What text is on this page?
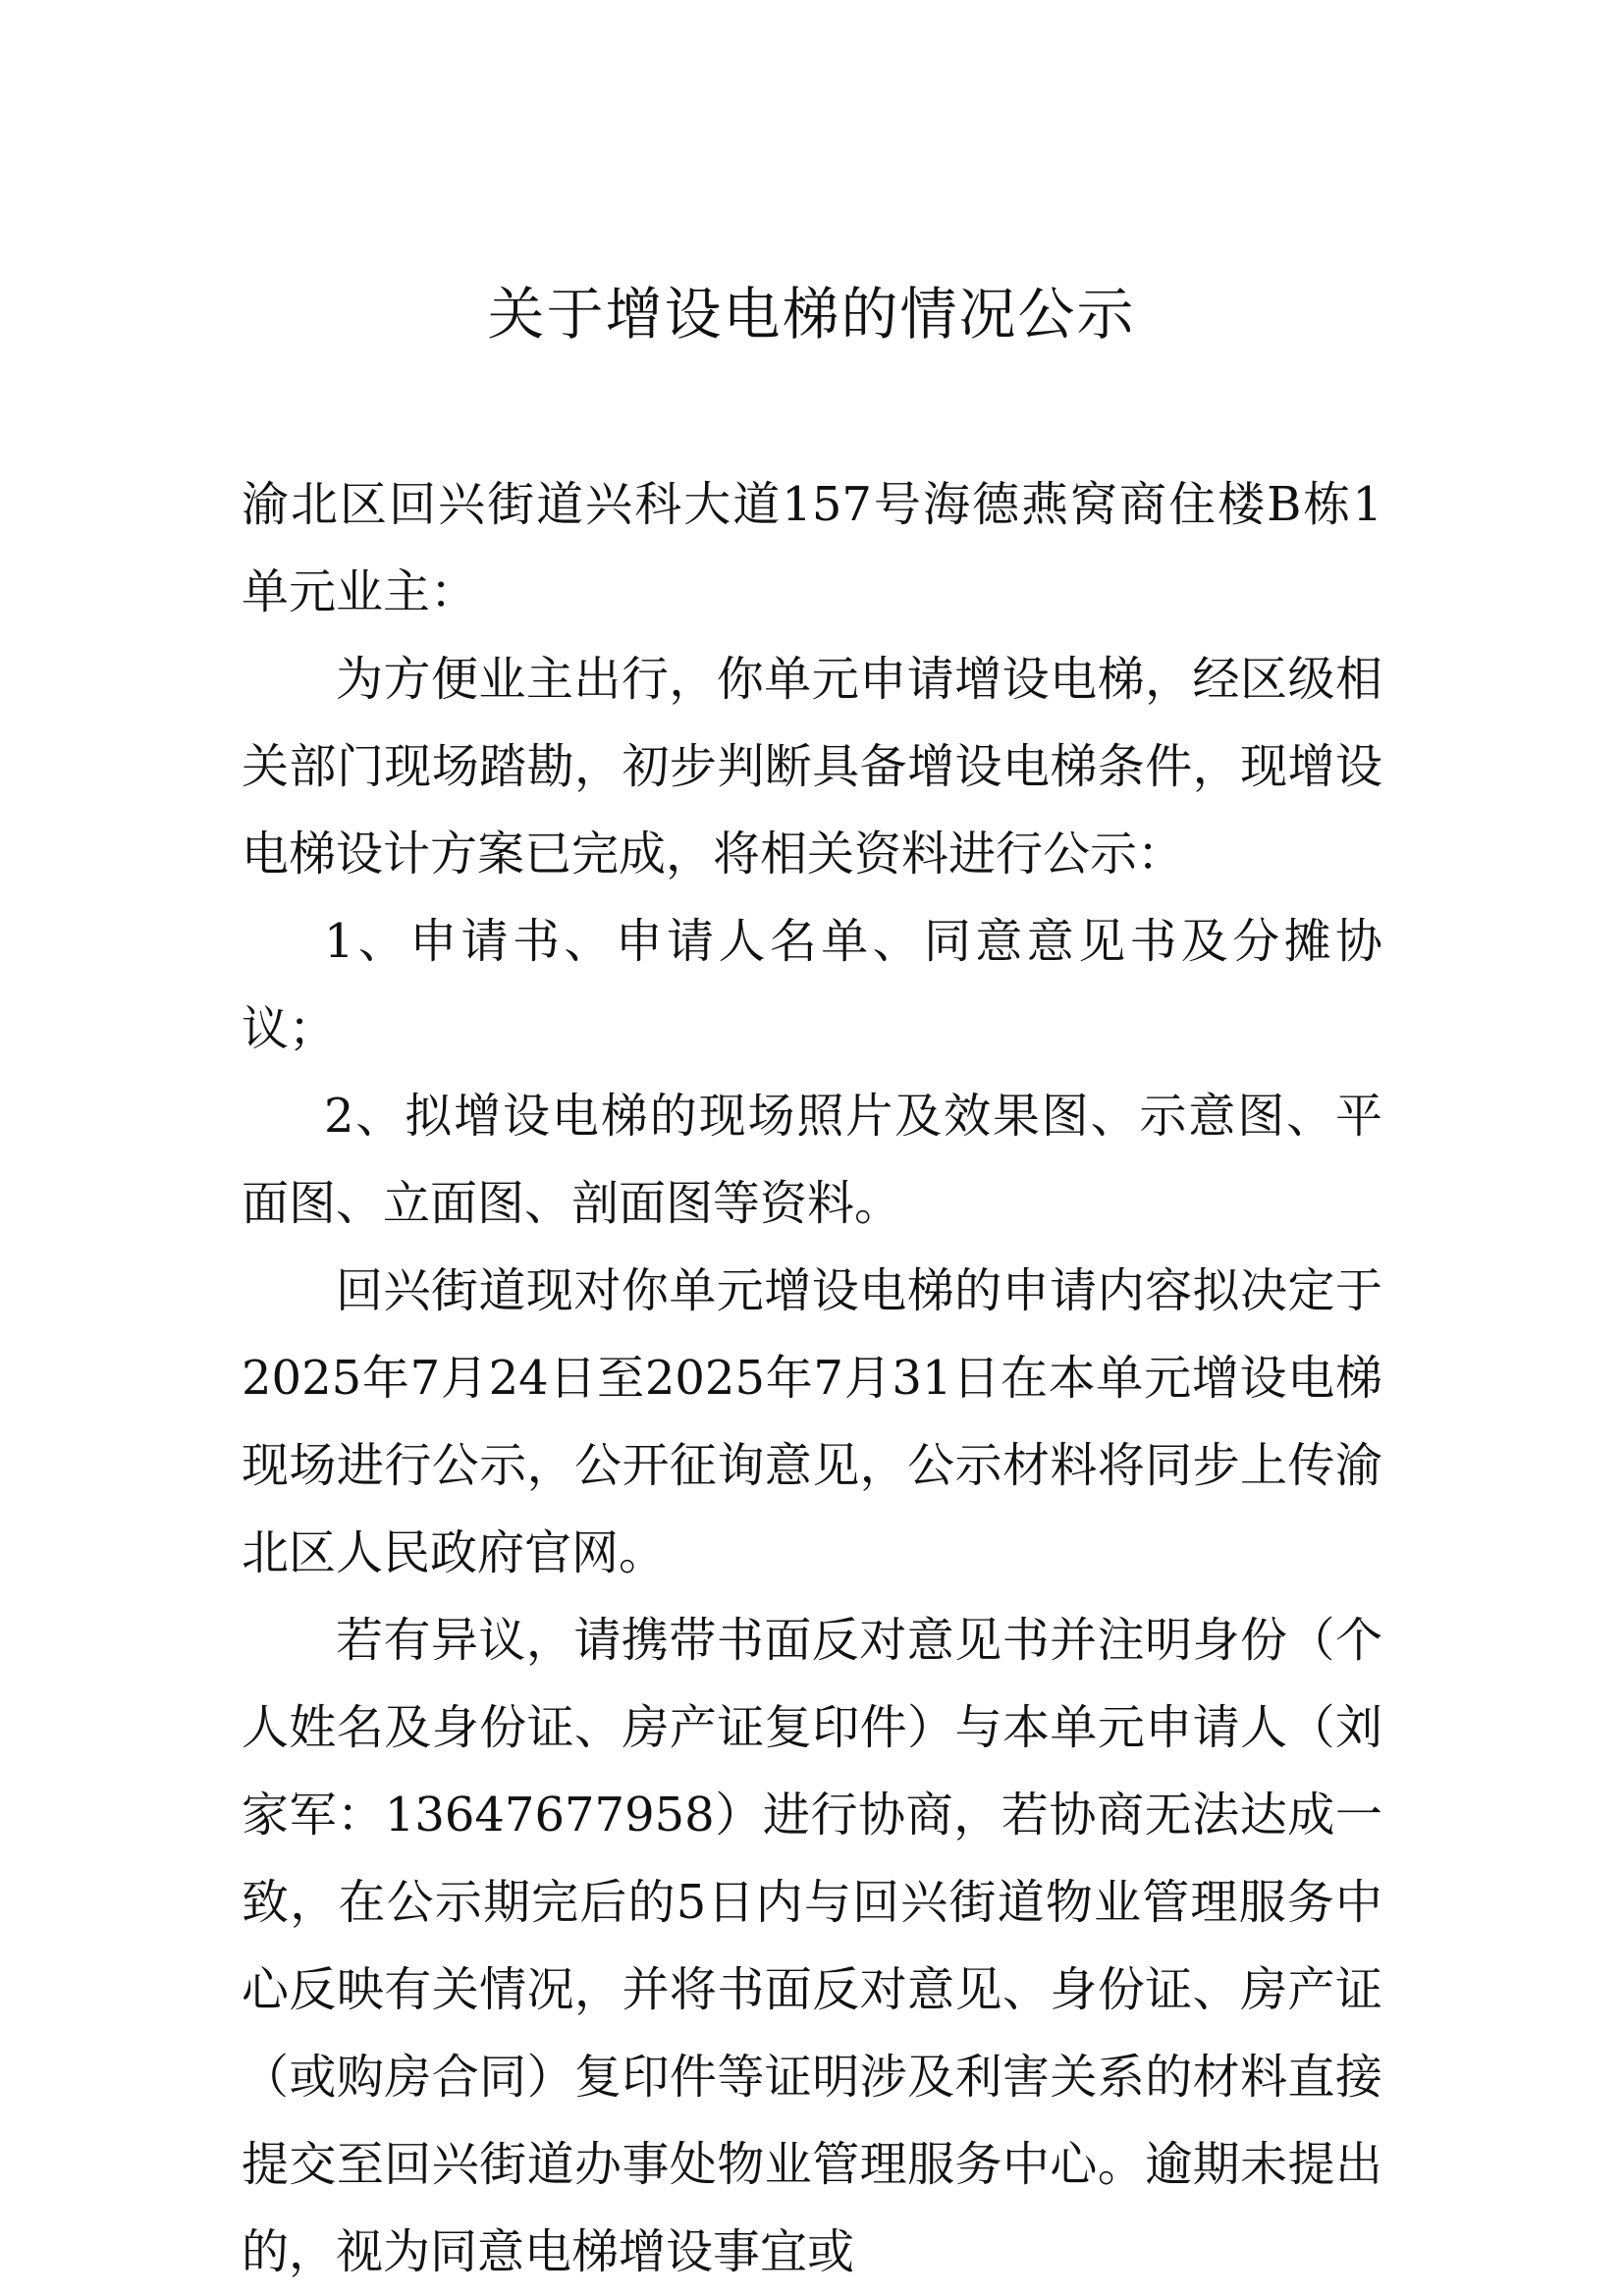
关于增设电梯的情况公示

渝北区回兴街道兴科大道157号海德燕窝商住楼B栋1单元业主：

为方便业主出行，你单元申请增设电梯，经区级相关部门现场踏勘，初步判断具备增设电梯条件，现增设电梯设计方案已完成，将相关资料进行公示：

1、申请书、申请人名单、同意意见书及分摊协议；

2、拟增设电梯的现场照片及效果图、示意图、平面图、立面图、剖面图等资料。

回兴街道现对你单元增设电梯的申请内容拟决定于2025年7月24日至2025年7月31日在本单元增设电梯现场进行公示，公开征询意见，公示材料将同步上传渝北区人民政府官网。

若有异议，请携带书面反对意见书并注明身份（个人姓名及身份证、房产证复印件）与本单元申请人（刘家军：13647677958）进行协商，若协商无法达成一致，在公示期完后的5日内与回兴街道物业管理服务中心反映有关情况，并将书面反对意见、身份证、房产证（或购房合同）复印件等证明涉及利害关系的材料直接提交至回兴街道办事处物业管理服务中心。逾期未提出的，视为同意电梯增设事宜或
